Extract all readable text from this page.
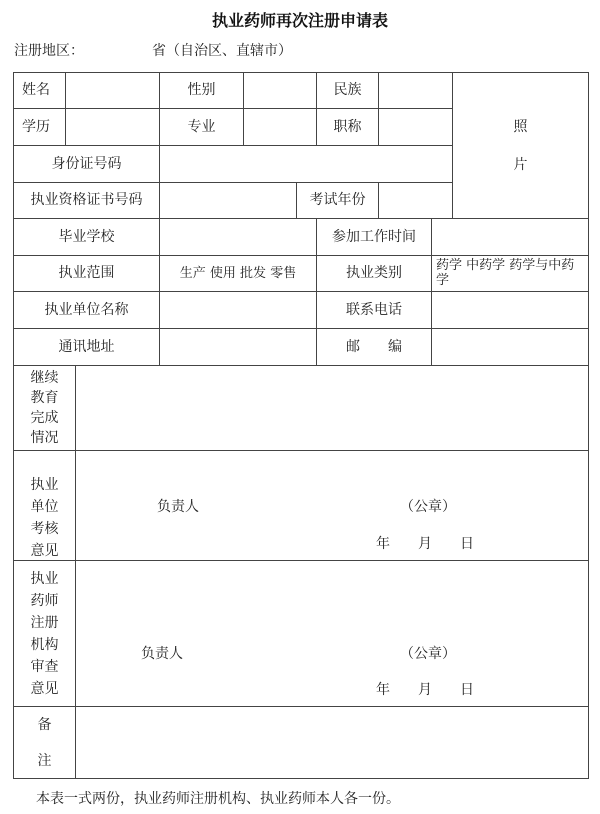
执业药师再次注册申请表
注册地区：	省（自治区、直辖市）
姓名	性别	民族
照
片
学历	专业	职称
身份证号码
执业资格证书号码	考试年份
毕业学校	参加工作时间
执业范围	生产 使用 批发 零售	执业类别	药学 中药学 药学与中药学
执业单位名称	联系电话
通讯地址	邮　　编
继续
教育
完成
情况
执业
单位
考核
意见
负责人	（公章）
年　　月　　日
执业
药师
注册
机构
审查
意见
负责人	（公章）
年　　月　　日
备
注
本表一式两份，执业药师注册机构、执业药师本人各一份。
